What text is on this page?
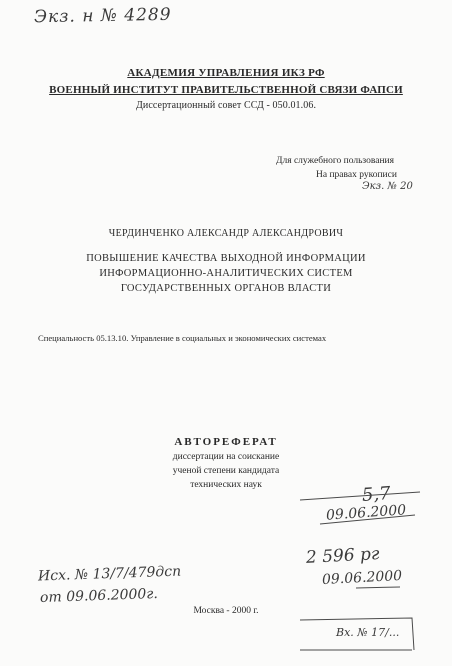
Экз. н № 4289
АКАДЕМИЯ УПРАВЛЕНИЯ ИКЗ РФ
ВОЕННЫЙ ИНСТИТУТ ПРАВИТЕЛЬСТВЕННОЙ СВЯЗИ ФАПСИ
Диссертационный совет ССД - 050.01.06.
Для служебного пользования
На правах рукописи
Экз. № 20
ЧЕРДИНЧЕНКО АЛЕКСАНДР АЛЕКСАНДРОВИЧ
ПОВЫШЕНИЕ КАЧЕСТВА ВЫХОДНОЙ ИНФОРМАЦИИ
ИНФОРМАЦИОННО-АНАЛИТИЧЕСКИХ СИСТЕМ
ГОСУДАРСТВЕННЫХ ОРГАНОВ ВЛАСТИ
Специальность 05.13.10. Управление в социальных и экономических системах
АВТОРЕФЕРАТ
диссертации на соискание
ученой степени кандидата
технических наук	5,7
09.06.2000
2 596 рг
09.06.2000
Исх. № 13/7/479дсп
от 09.06.2000г.
Москва - 2000 г.
Вх. № 17/...
